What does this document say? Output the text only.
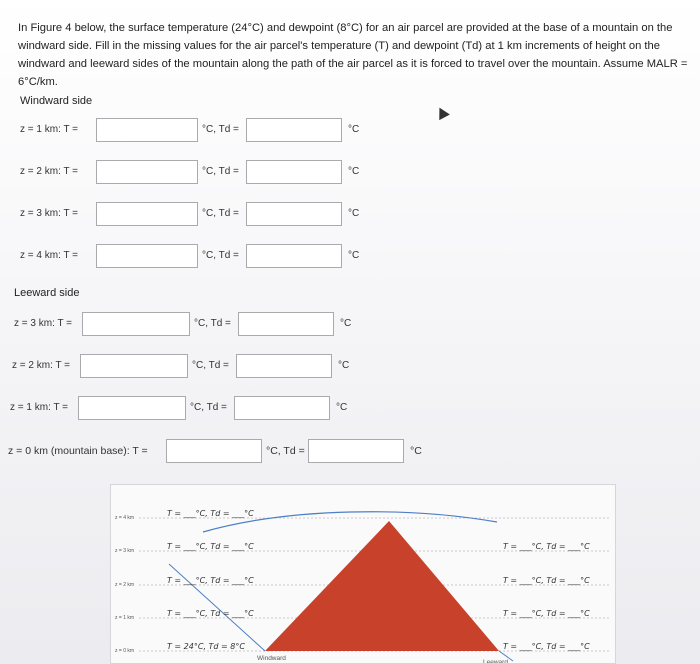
In Figure 4 below, the surface temperature (24°C) and dewpoint (8°C) for an air parcel are provided at the base of a mountain on the windward side. Fill in the missing values for the air parcel's temperature (T) and dewpoint (Td) at 1 km increments of height on the windward and leeward sides of the mountain along the path of the air parcel as it is forced to travel over the mountain. Assume MALR = 6°C/km.
Windward side
z = 1 km: T =	°C, Td =	°C
z = 2 km: T =	°C, Td =	°C
z = 3 km: T =	°C, Td =	°C
z = 4 km: T =	°C, Td =	°C
Leeward side
z = 3 km: T =	°C, Td =	°C
z = 2 km: T =	°C, Td =	°C
z = 1 km: T =	°C, Td =	°C
z = 0 km (mountain base): T =	°C, Td =	°C
z = 4 km
z = 3 km
z = 2 km
z = 1 km
z = 0 km
T = ___°C, Td = ___°C
T = ___°C, Td = ___°C
T = ___°C, Td = ___°C
T = ___°C, Td = ___°C
T = 24°C, Td = 8°C
T = ___°C, Td = ___°C
T = ___°C, Td = ___°C
T = ___°C, Td = ___°C
T = ___°C, Td = ___°C
Windward
Leeward
